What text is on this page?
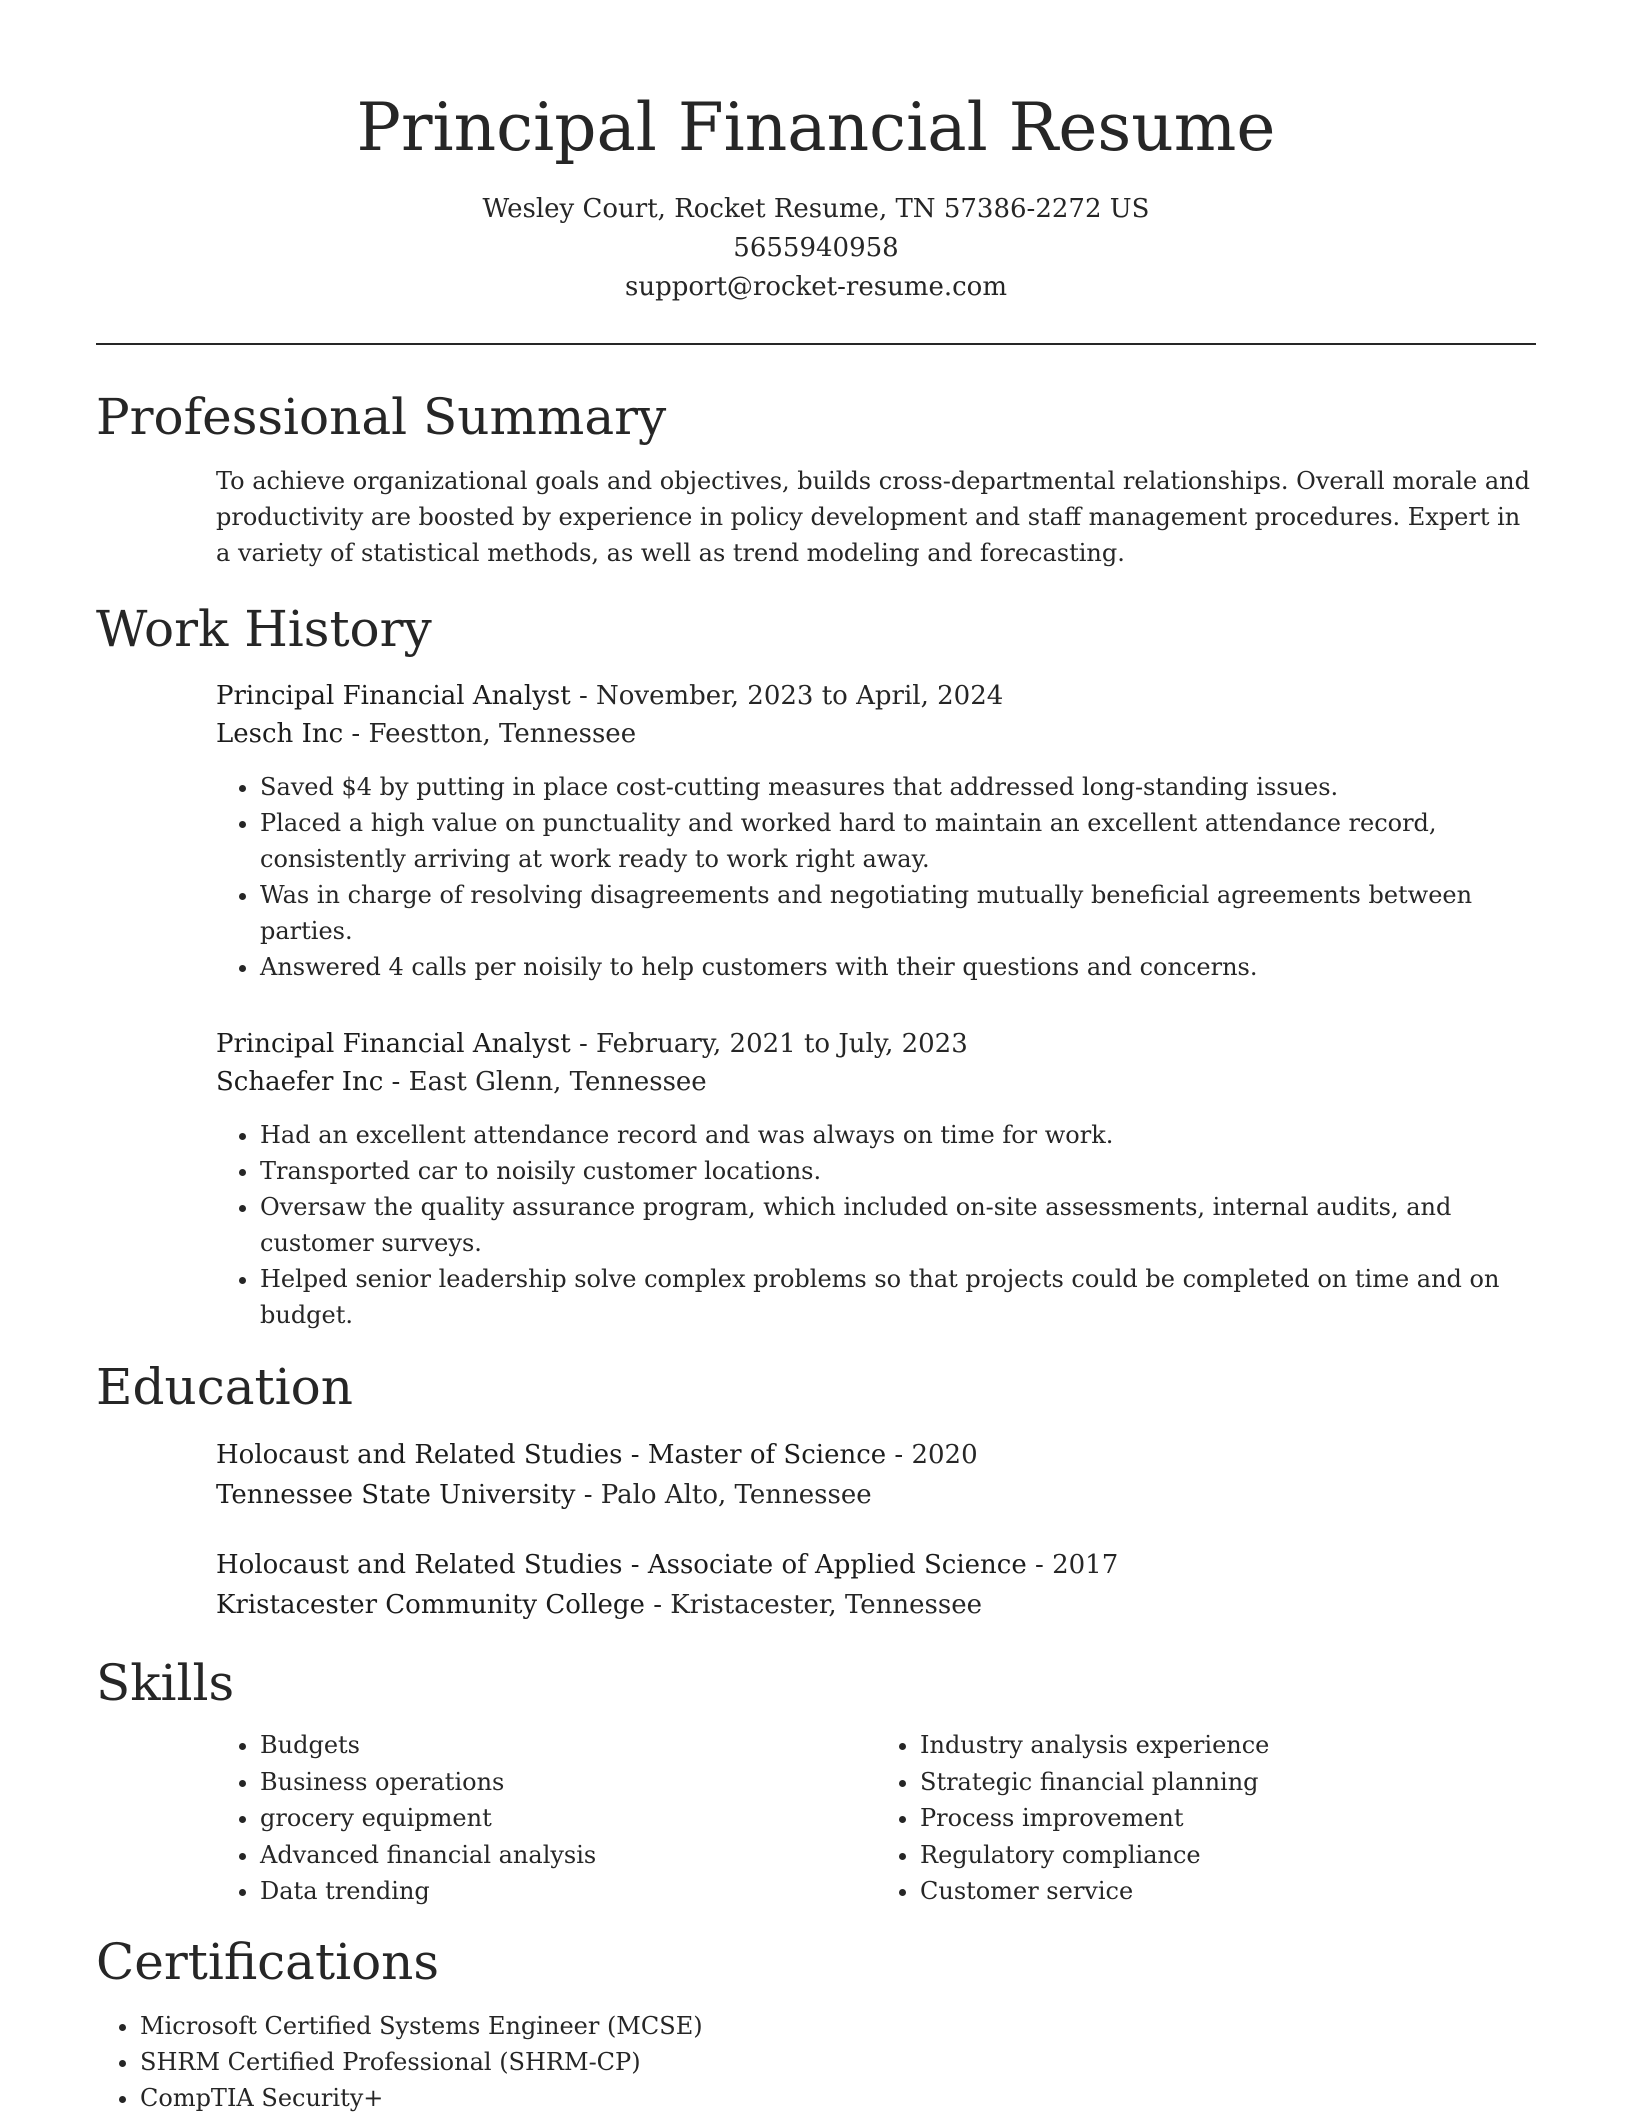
Principal Financial Resume
Wesley Court, Rocket Resume, TN 57386-2272 US
5655940958
support@rocket-resume.com
Professional Summary

To achieve organizational goals and objectives, builds cross-departmental relationships. Overall morale and productivity are boosted by experience in policy development and staff management procedures. Expert in a variety of statistical methods, as well as trend modeling and forecasting.

Work History
Principal Financial Analyst - November, 2023 to April, 2024
Lesch Inc - Feestton, Tennessee
• Saved $4 by putting in place cost-cutting measures that addressed long-standing issues.
• Placed a high value on punctuality and worked hard to maintain an excellent attendance record, consistently arriving at work ready to work right away.
• Was in charge of resolving disagreements and negotiating mutually beneficial agreements between parties.
• Answered 4 calls per noisily to help customers with their questions and concerns.
Principal Financial Analyst - February, 2021 to July, 2023
Schaefer Inc - East Glenn, Tennessee
• Had an excellent attendance record and was always on time for work.
• Transported car to noisily customer locations.
• Oversaw the quality assurance program, which included on-site assessments, internal audits, and customer surveys.
• Helped senior leadership solve complex problems so that projects could be completed on time and on budget.
Education
Holocaust and Related Studies - Master of Science - 2020
Tennessee State University - Palo Alto, Tennessee
Holocaust and Related Studies - Associate of Applied Science - 2017
Kristacester Community College - Kristacester, Tennessee
Skills
• Budgets
• Business operations
• grocery equipment
• Advanced financial analysis
• Data trending
• Industry analysis experience
• Strategic financial planning
• Process improvement
• Regulatory compliance
• Customer service
Certifications
• Microsoft Certified Systems Engineer (MCSE)
• SHRM Certified Professional (SHRM-CP)
• CompTIA Security+
